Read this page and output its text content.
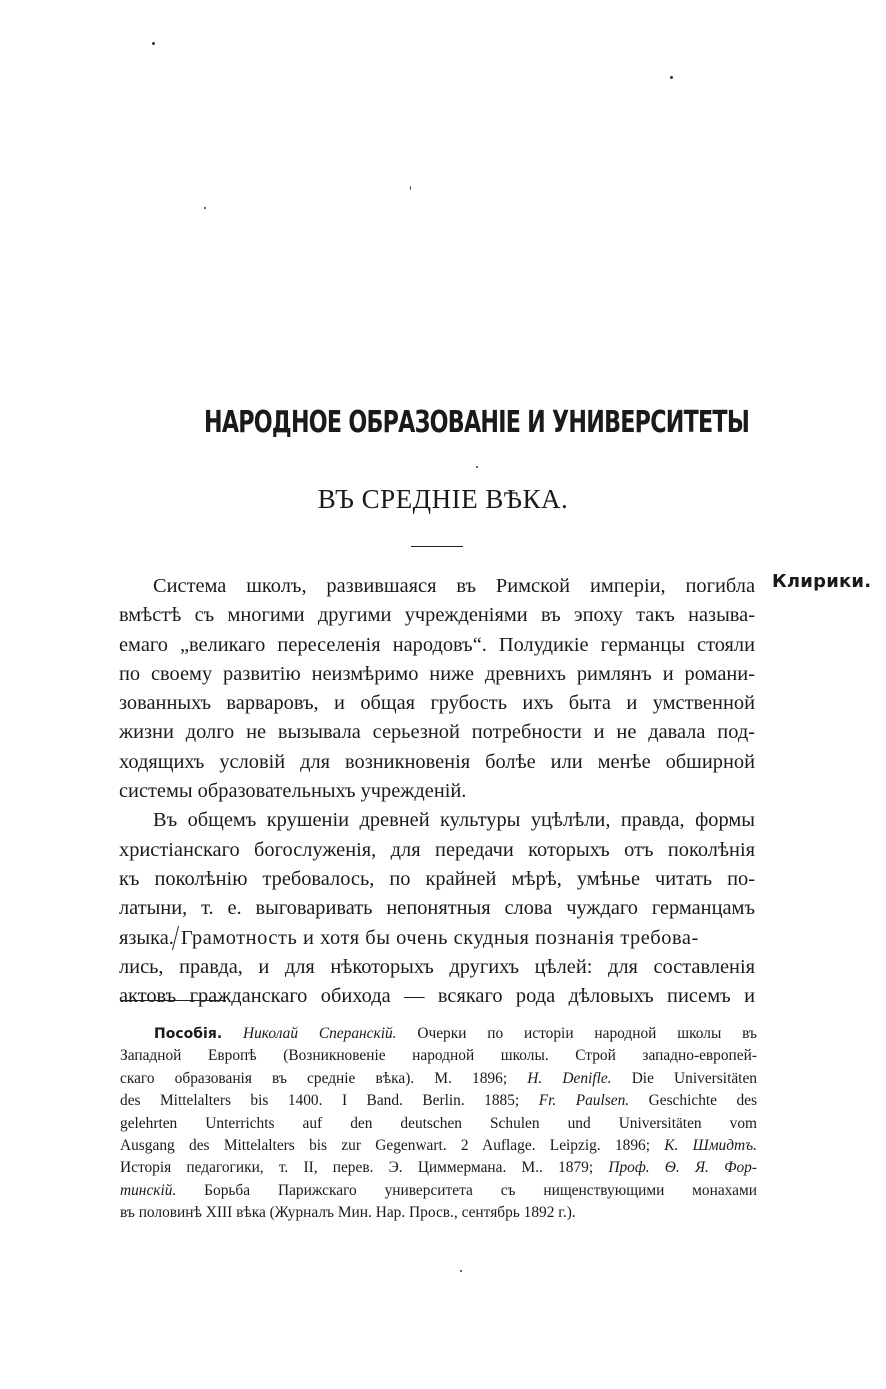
НАРОДНОЕ ОБРАЗОВАНІЕ И УНИВЕРСИТЕТЫ
ВЪ СРЕДНІЕ ВѢКА.
Клирики.
Система школъ, развившаяся въ Римской имперіи, погибла
вмѣстѣ съ многими другими учрежденіями въ эпоху такъ называ-
емаго „великаго переселенія народовъ“. Полудикіе германцы стояли
по своему развитію неизмѣримо ниже древнихъ римлянъ и романи-
зованныхъ варваровъ, и общая грубость ихъ быта и умственной
жизни долго не вызывала серьезной потребности и не давала под-
ходящихъ условій для возникновенія болѣе или менѣе обширной
системы образовательныхъ учрежденій.
Въ общемъ крушеніи древней культуры уцѣлѣли, правда, формы
христіанскаго богослуженія, для передачи которыхъ отъ поколѣнія
къ поколѣнію требовалось, по крайней мѣрѣ, умѣнье читать по-
латыни, т. е. выговаривать непонятныя слова чуждаго германцамъ
языка. Грамотность и хотя бы очень скудныя познанія требова-
лись, правда, и для нѣкоторыхъ другихъ цѣлей: для составленія
актовъ гражданскаго обихода — всякаго рода дѣловыхъ писемъ и
Пособія. Николай Сперанскій. Очерки по исторіи народной школы въ
Западной Европѣ (Возникновеніе народной школы. Строй западно-европей-
скаго образованія въ средніе вѣка). М. 1896; H. Denifle. Die Universitäten
des Mittelalters bis 1400. I Band. Berlin. 1885; Fr. Paulsen. Geschichte des
gelehrten Unterrichts auf den deutschen Schulen und Universitäten vom
Ausgang des Mittelalters bis zur Gegenwart. 2 Auflage. Leipzig. 1896; К. Шмидтъ.
Исторія педагогики, т. II, перев. Э. Циммермана. М.. 1879; Проф. Ѳ. Я. Фор-
тинскій. Борьба Парижскаго университета съ нищенствующими монахами
въ половинѣ XIII вѣка (Журналъ Мин. Нар. Просв., сентябрь 1892 г.).
